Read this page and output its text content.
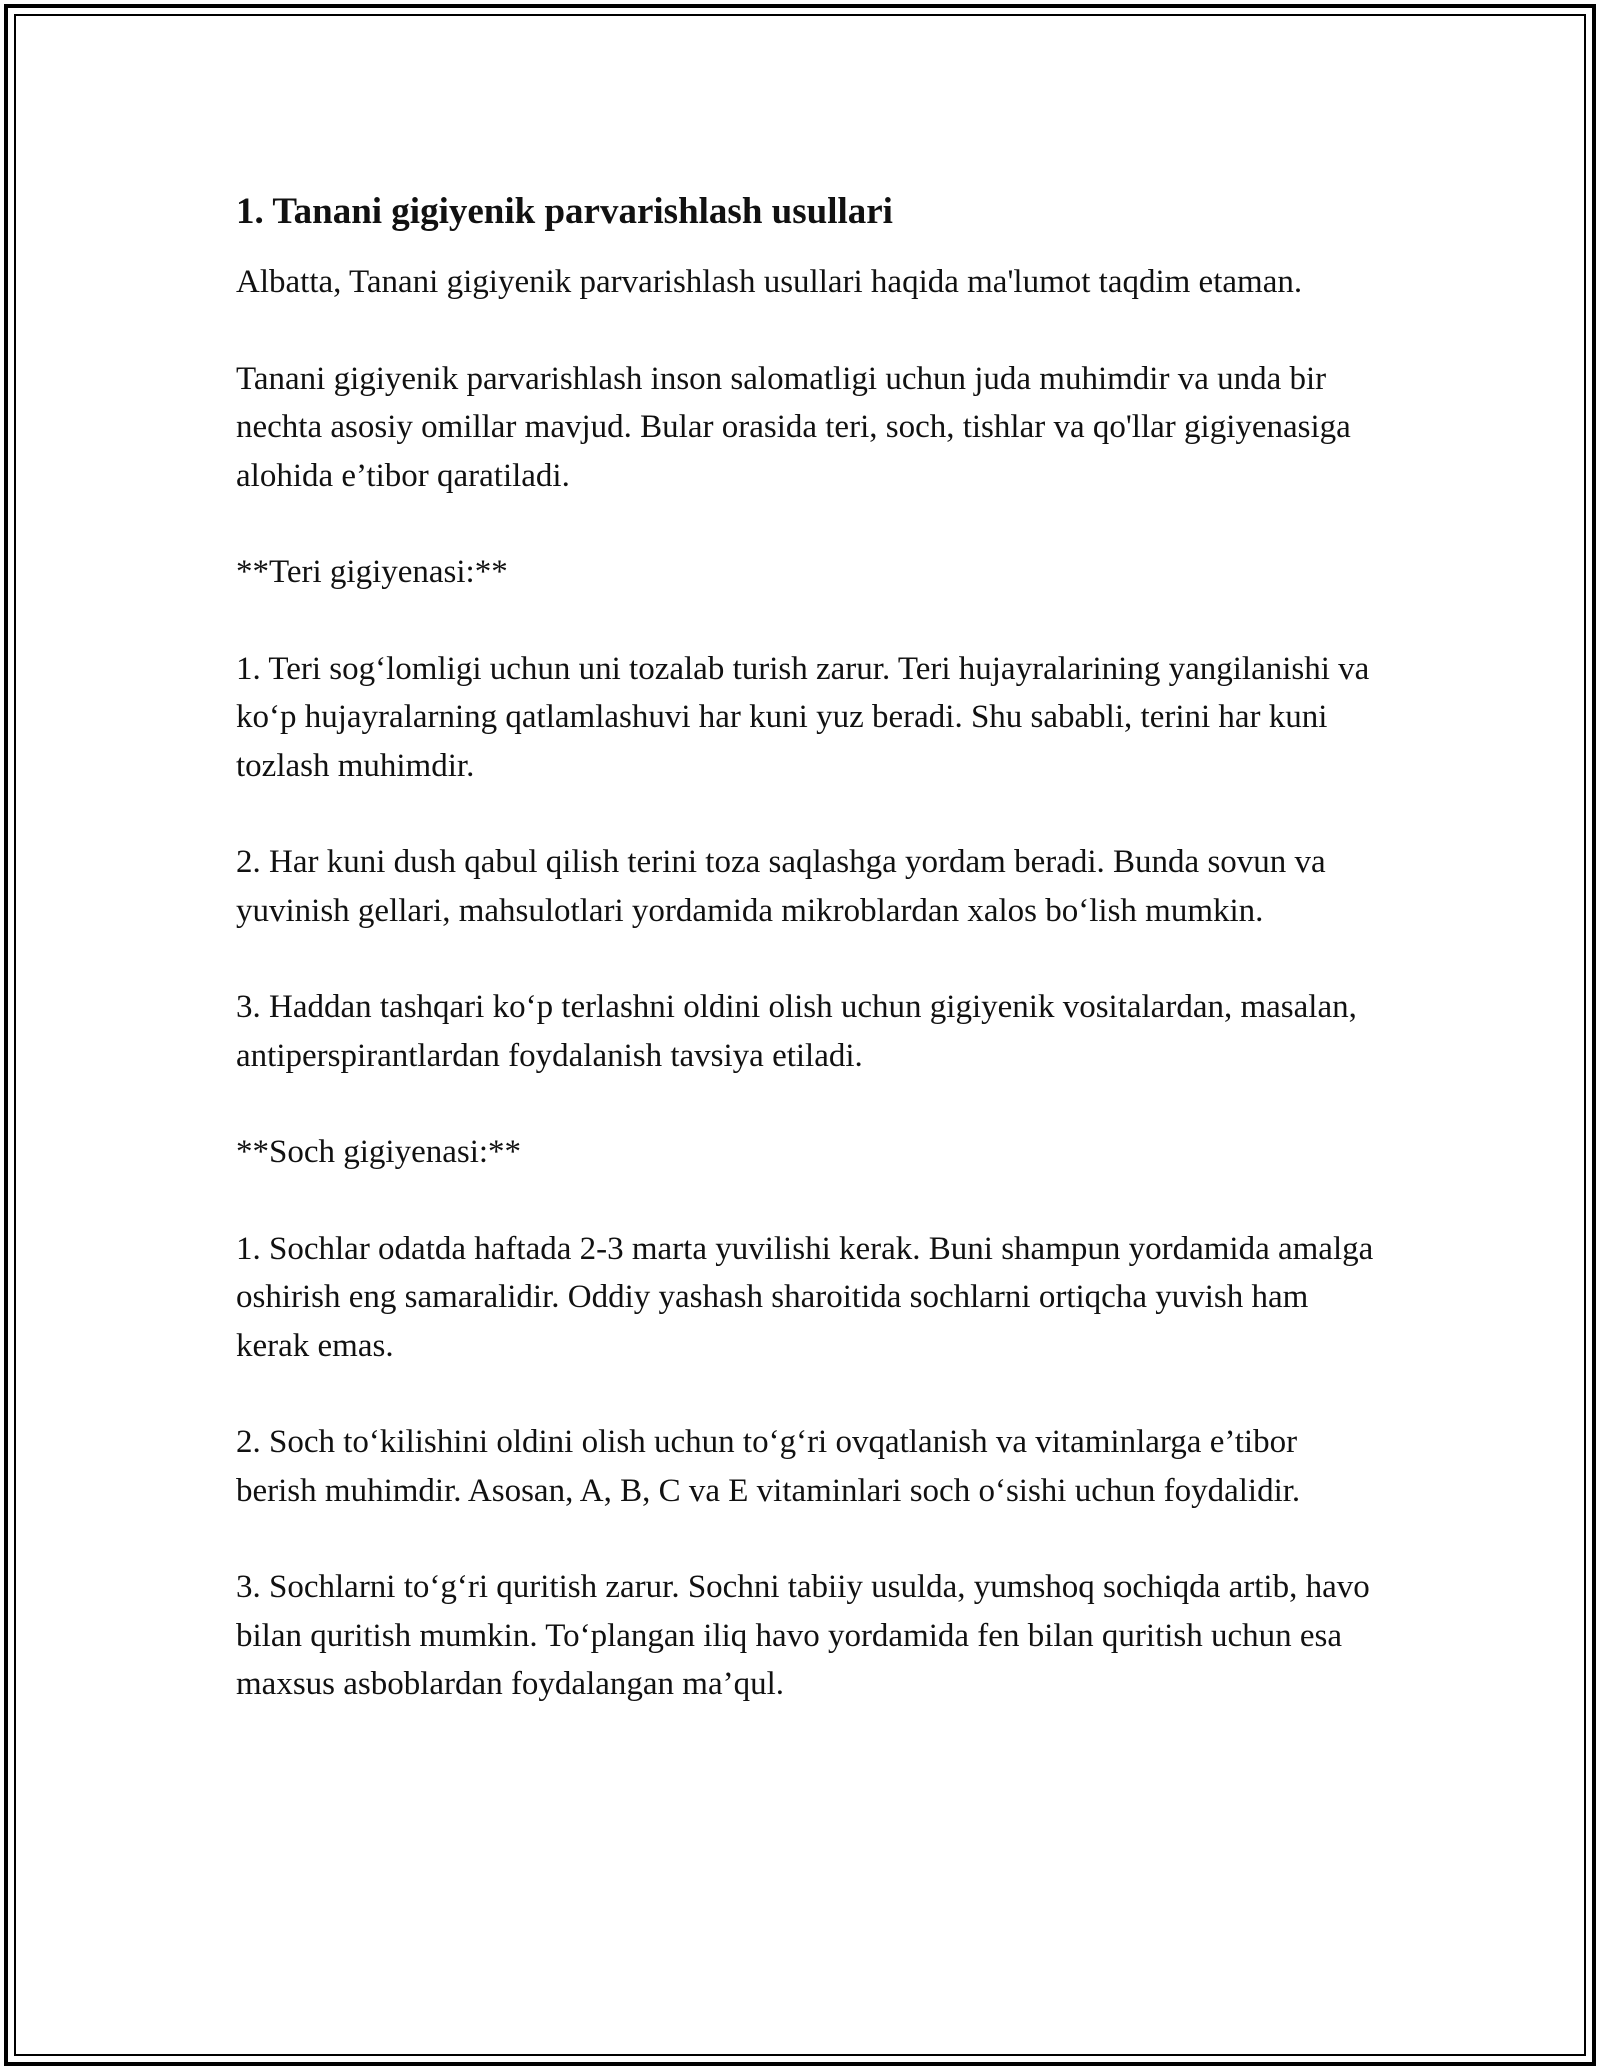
1. Tanani gigiyenik parvarishlash usullari

Albatta, Tanani gigiyenik parvarishlash usullari haqida ma'lumot taqdim etaman.

Tanani gigiyenik parvarishlash inson salomatligi uchun juda muhimdir va unda bir nechta asosiy omillar mavjud. Bular orasida teri, soch, tishlar va qo'llar gigiyenasiga alohida e’tibor qaratiladi.

**Teri gigiyenasi:**

1. Teri sog‘lomligi uchun uni tozalab turish zarur. Teri hujayralarining yangilanishi va ko‘p hujayralarning qatlamlashuvi har kuni yuz beradi. Shu sababli, terini har kuni tozlash muhimdir.

2. Har kuni dush qabul qilish terini toza saqlashga yordam beradi. Bunda sovun va yuvinish gellari, mahsulotlari yordamida mikroblardan xalos bo‘lish mumkin.

3. Haddan tashqari ko‘p terlashni oldini olish uchun gigiyenik vositalardan, masalan, antiperspirantlardan foydalanish tavsiya etiladi.

**Soch gigiyenasi:**

1. Sochlar odatda haftada 2-3 marta yuvilishi kerak. Buni shampun yordamida amalga oshirish eng samaralidir. Oddiy yashash sharoitida sochlarni ortiqcha yuvish ham kerak emas.

2. Soch to‘kilishini oldini olish uchun to‘g‘ri ovqatlanish va vitaminlarga e’tibor berish muhimdir. Asosan, A, B, C va E vitaminlari soch o‘sishi uchun foydalidir.

3. Sochlarni to‘g‘ri quritish zarur. Sochni tabiiy usulda, yumshoq sochiqda artib, havo bilan quritish mumkin. To‘plangan iliq havo yordamida fen bilan quritish uchun esa maxsus asboblardan foydalangan ma’qul.
